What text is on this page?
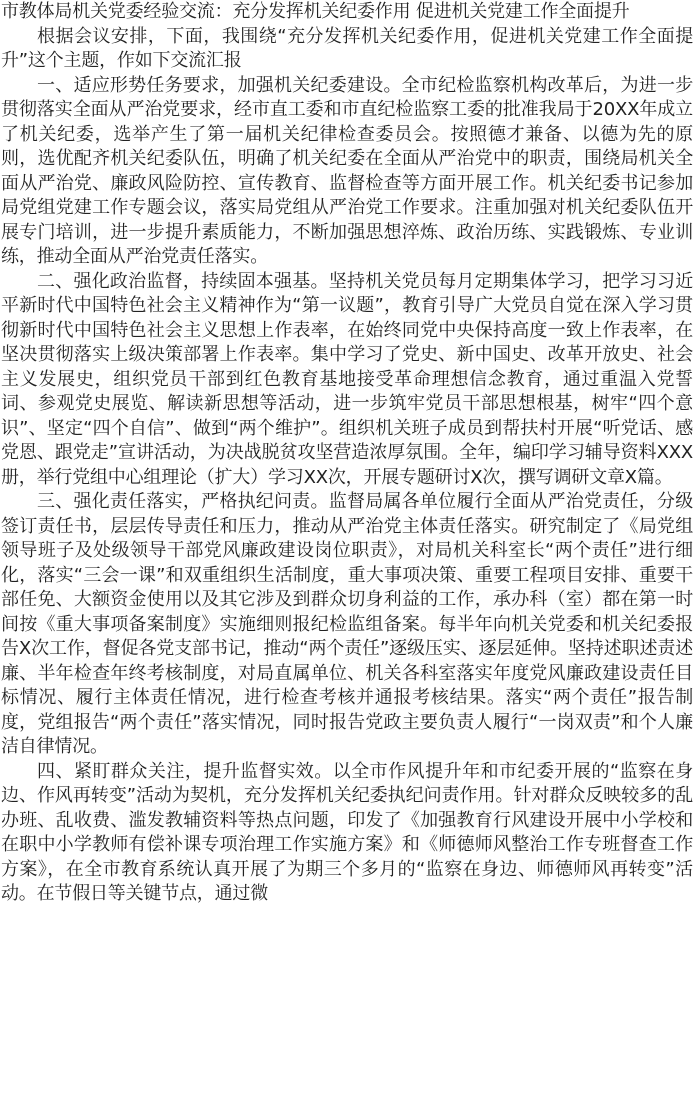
市教体局机关党委经验交流：充分发挥机关纪委作用 促进机关党建工作全面提升

根据会议安排，下面，我围绕“充分发挥机关纪委作用，促进机关党建工作全面提升”这个主题，作如下交流汇报

一、适应形势任务要求，加强机关纪委建设。全市纪检监察机构改革后，为进一步贯彻落实全面从严治党要求，经市直工委和市直纪检监察工委的批准我局于20XX年成立了机关纪委，选举产生了第一届机关纪律检查委员会。按照德才兼备、以德为先的原则，选优配齐机关纪委队伍，明确了机关纪委在全面从严治党中的职责，围绕局机关全面从严治党、廉政风险防控、宣传教育、监督检查等方面开展工作。机关纪委书记参加局党组党建工作专题会议，落实局党组从严治党工作要求。注重加强对机关纪委队伍开展专门培训，进一步提升素质能力，不断加强思想淬炼、政治历练、实践锻炼、专业训练，推动全面从严治党责任落实。

二、强化政治监督，持续固本强基。坚持机关党员每月定期集体学习，把学习习近平新时代中国特色社会主义精神作为“第一议题”，教育引导广大党员自觉在深入学习贯彻新时代中国特色社会主义思想上作表率，在始终同党中央保持高度一致上作表率，在坚决贯彻落实上级决策部署上作表率。集中学习了党史、新中国史、改革开放史、社会主义发展史，组织党员干部到红色教育基地接受革命理想信念教育，通过重温入党誓词、参观党史展览、解读新思想等活动，进一步筑牢党员干部思想根基，树牢“四个意识”、坚定“四个自信”、做到“两个维护”。组织机关班子成员到帮扶村开展“听党话、感党恩、跟党走”宣讲活动，为决战脱贫攻坚营造浓厚氛围。全年，编印学习辅导资料XXX册，举行党组中心组理论（扩大）学习XX次，开展专题研讨X次，撰写调研文章X篇。

三、强化责任落实，严格执纪问责。监督局属各单位履行全面从严治党责任，分级签订责任书，层层传导责任和压力，推动从严治党主体责任落实。研究制定了《局党组领导班子及处级领导干部党风廉政建设岗位职责》，对局机关科室长“两个责任”进行细化，落实“三会一课”和双重组织生活制度，重大事项决策、重要工程项目安排、重要干部任免、大额资金使用以及其它涉及到群众切身利益的工作，承办科（室）都在第一时间按《重大事项备案制度》实施细则报纪检监组备案。每半年向机关党委和机关纪委报告X次工作，督促各党支部书记，推动“两个责任”逐级压实、逐层延伸。坚持述职述责述廉、半年检查年终考核制度，对局直属单位、机关各科室落实年度党风廉政建设责任目标情况、履行主体责任情况，进行检查考核并通报考核结果。落实“两个责任”报告制度，党组报告“两个责任”落实情况，同时报告党政主要负责人履行“一岗双责”和个人廉洁自律情况。

四、紧盯群众关注，提升监督实效。以全市作风提升年和市纪委开展的“监察在身边、作风再转变”活动为契机，充分发挥机关纪委执纪问责作用。针对群众反映较多的乱办班、乱收费、滥发教辅资料等热点问题，印发了《加强教育行风建设开展中小学校和在职中小学教师有偿补课专项治理工作实施方案》和《师德师风整治工作专班督查工作方案》，在全市教育系统认真开展了为期三个多月的“监察在身边、师德师风再转变”活动。在节假日等关键节点，通过微
